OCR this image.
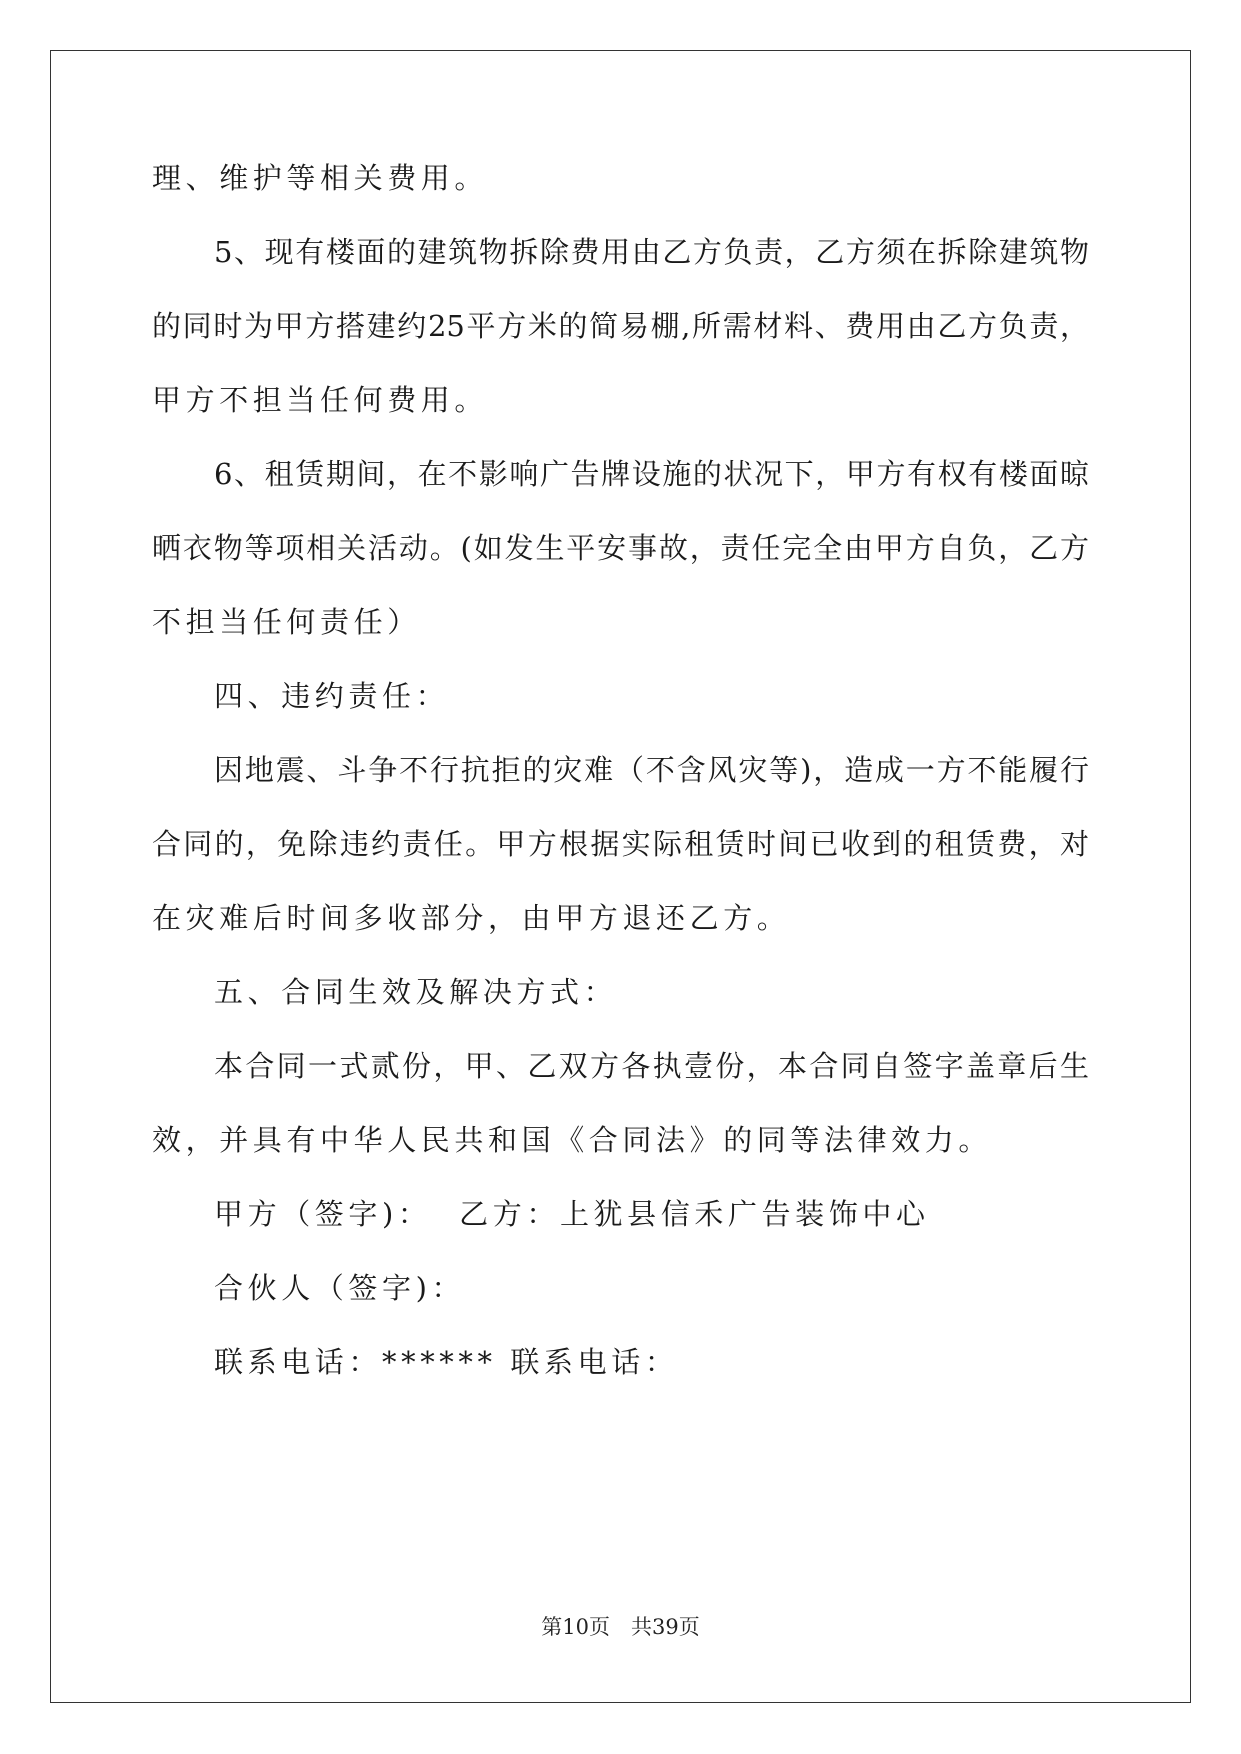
理、维护等相关费用。
5、现有楼面的建筑物拆除费用由乙方负责，乙方须在拆除建筑物
的同时为甲方搭建约25平方米的简易棚,所需材料、费用由乙方负责，
甲方不担当任何费用。
6、租赁期间，在不影响广告牌设施的状况下，甲方有权有楼面晾
晒衣物等项相关活动。(如发生平安事故，责任完全由甲方自负，乙方
不担当任何责任）
四、违约责任：
因地震、斗争不行抗拒的灾难（不含风灾等)，造成一方不能履行
合同的，免除违约责任。甲方根据实际租赁时间已收到的租赁费，对
在灾难后时间多收部分，由甲方退还乙方。
五、合同生效及解决方式：
本合同一式贰份，甲、乙双方各执壹份，本合同自签字盖章后生
效，并具有中华人民共和国《合同法》的同等法律效力。
甲方（签字)：  乙方：上犹县信禾广告装饰中心
合伙人（签字)：
联系电话：****** 联系电话：
第10页　共39页
